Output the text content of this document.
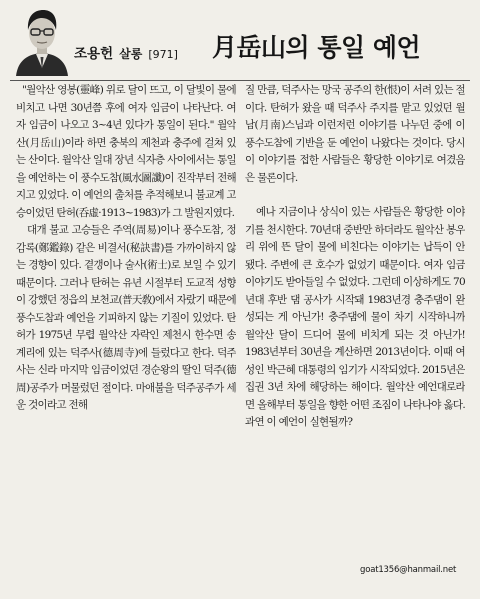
조용헌 살롱 [971] 月岳山의 통일 예언

"월악산 영봉(靈峰) 위로 달이 뜨고, 이 달빛이 물에 비치고 나면 30년쯤 후에 여자 임금이 나타난다. 여자 임금이 나오고 3~4년 있다가 통일이 된다." 월악산(月岳山)이라 하면 충북의 제천과 충주에 걸쳐 있는 산이다. 월악산 일대 장년 식자층 사이에서는 통일을 예언하는 이 풍수도참(風水圖讖)이 진작부터 전해지고 있었다. 이 예언의 출처를 추적해보니 불교계 고승이었던 탄허(呑虛·1913~1983)가 그 발원지였다.

대개 불교 고승들은 주역(周易)이나 풍수도참, 정감록(鄭鑑錄) 같은 비결서(秘訣書)를 가까이하지 않는 경향이 있다. 곁갱이나 술사(術士)로 보일 수 있기 때문이다. 그러나 탄허는 유년 시절부터 도교적 성향이 강했던 정읍의 보천교(普天敎)에서 자랐기 때문에 풍수도참과 예언을 기피하지 않는 기질이 있었다. 탄허가 1975년 무렵 월악산 자락인 제천시 한수면 송계리에 있는 덕주사(德周寺)에 들렀다고 한다. 덕주사는 신라 마지막 임금이었던 경순왕의 딸인 덕주(德周)공주가 머물렀던 절이다. 마애불을 덕주공주가 세운 것이라고 전해

질 만큼, 덕주사는 망국 공주의 한(恨)이 서려 있는 절이다. 탄허가 왔을 때 덕주사 주지를 맡고 있었던 월남(月南)스님과 이런저런 이야기를 나누던 중에 이 풍수도참에 기반을 둔 예언이 나왔다는 것이다. 당시 이 이야기를 접한 사람들은 황당한 이야기로 여겼음은 물론이다.

예나 지금이나 상식이 있는 사람들은 황당한 이야기를 천시한다. 70년대 중반만 하더라도 월악산 봉우리 위에 뜬 달이 물에 비친다는 이야기는 납득이 안 됐다. 주변에 큰 호수가 없었기 때문이다. 여자 임금 이야기도 받아들일 수 없었다. 그런데 이상하게도 70년대 후반 댐 공사가 시작돼 1983년경 충주댐이 완성되는 게 아닌가! 충주댐에 물이 차기 시작하니까 월악산 달이 드디어 물에 비치게 되는 것 아닌가! 1983년부터 30년을 계산하면 2013년이다. 이때 여성인 박근혜 대통령의 임기가 시작되었다. 2015년은 집권 3년 차에 해당하는 해이다. 월악산 예언대로라면 올해부터 통일을 향한 어떤 조짐이 나타나야 옳다. 과연 이 예언이 실현될까?

goat1356@hanmail.net
